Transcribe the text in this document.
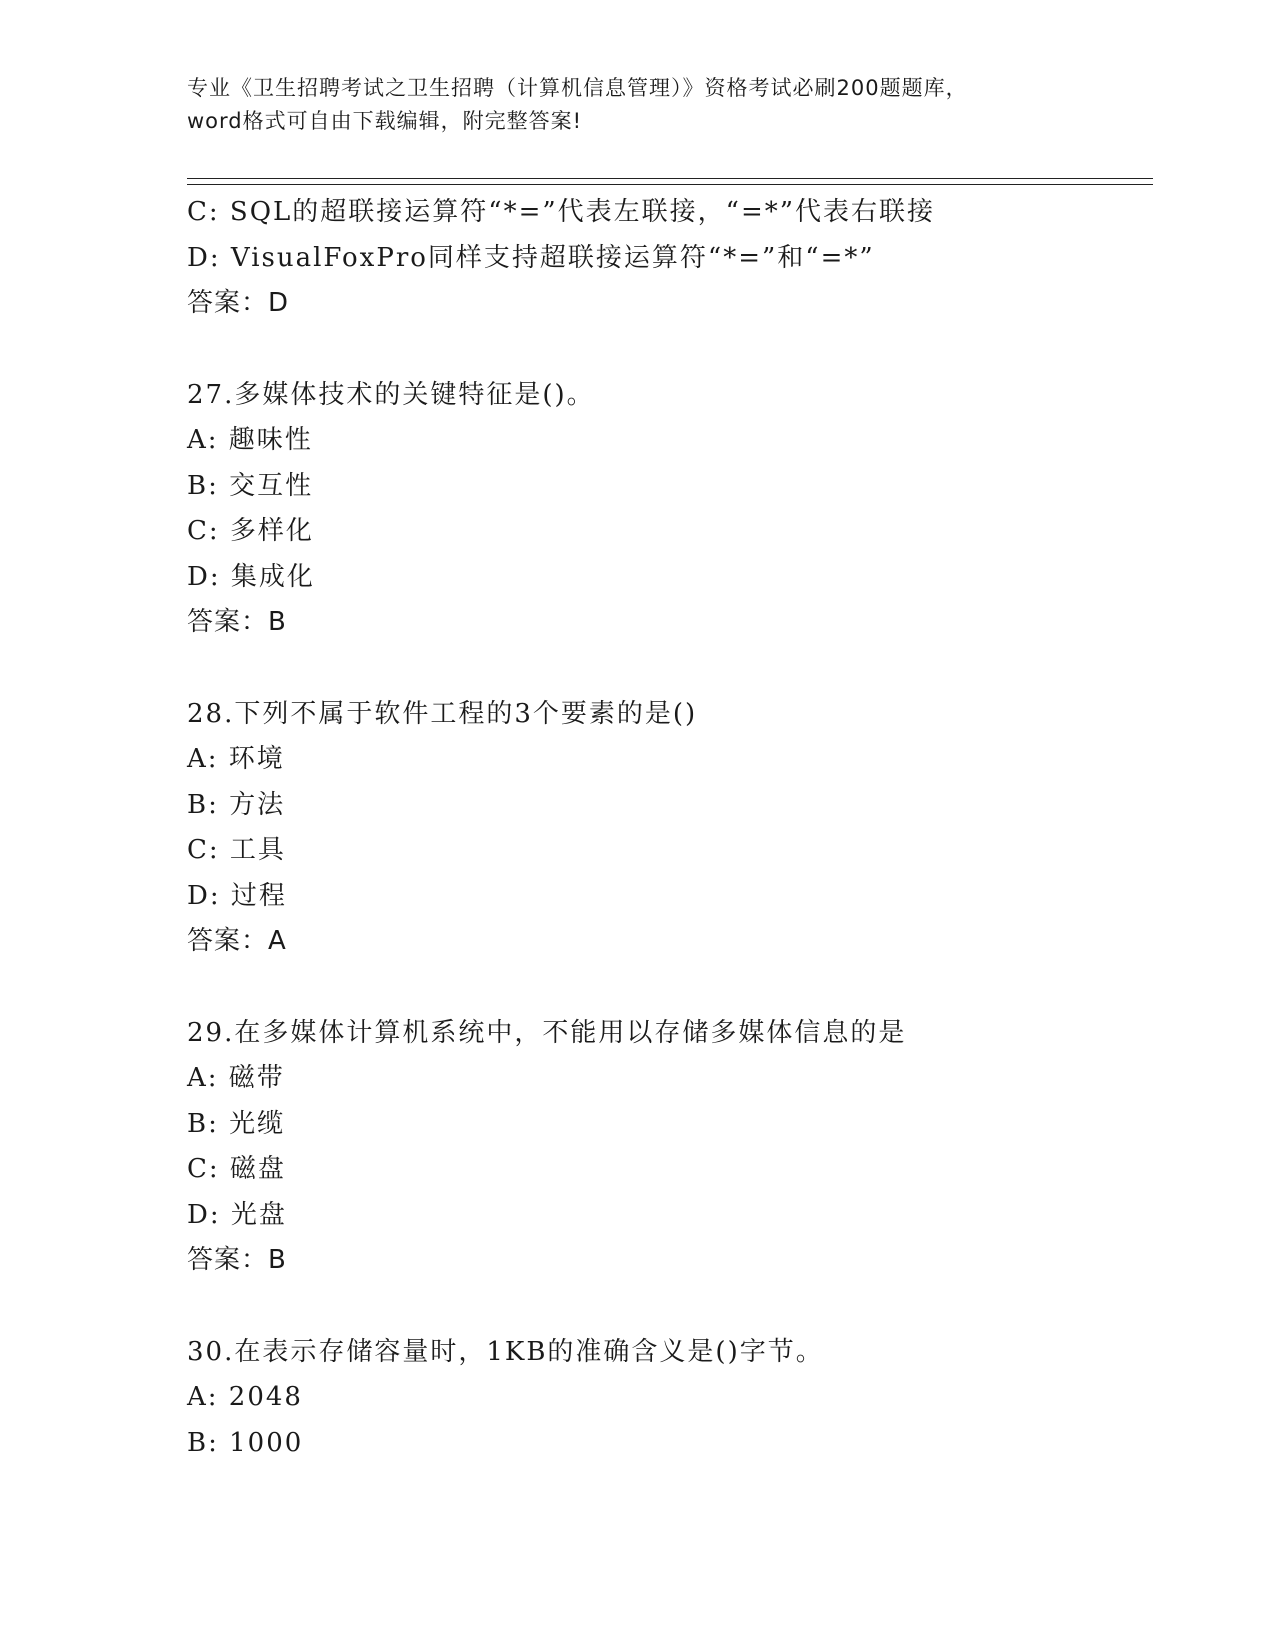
专业《卫生招聘考试之卫生招聘（计算机信息管理）》资格考试必刷200题题库，
word格式可自由下载编辑，附完整答案!
C: SQL的超联接运算符“*=”代表左联接，“=*”代表右联接
D: VisualFoxPro同样支持超联接运算符“*=”和“=*”
答案：D
27.多媒体技术的关键特征是()。
A: 趣味性
B: 交互性
C: 多样化
D: 集成化
答案：B
28.下列不属于软件工程的3个要素的是()
A: 环境
B: 方法
C: 工具
D: 过程
答案：A
29.在多媒体计算机系统中，不能用以存储多媒体信息的是
A: 磁带
B: 光缆
C: 磁盘
D: 光盘
答案：B
30.在表示存储容量时，1KB的准确含义是()字节。
A: 2048
B: 1000
